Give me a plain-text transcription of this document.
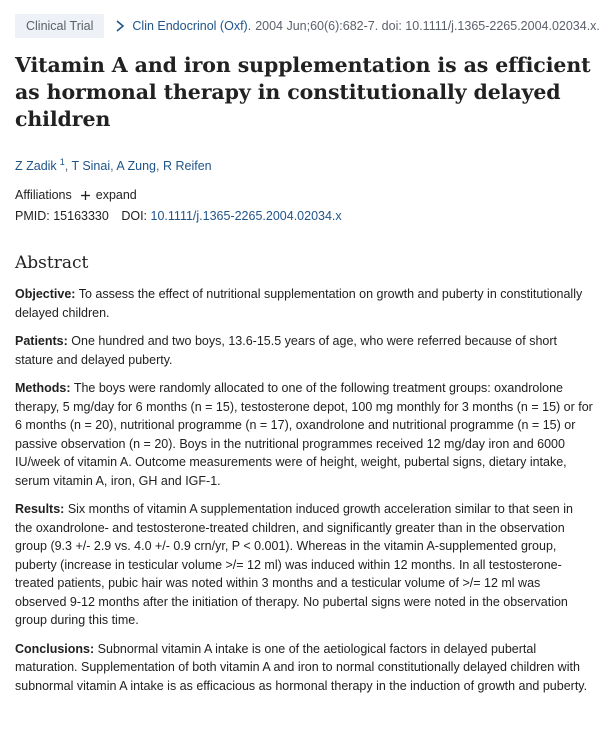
Clinical Trial	Clin Endocrinol (Oxf). 2004 Jun;60(6):682-7. doi: 10.1111/j.1365-2265.2004.02034.x.
Vitamin A and iron supplementation is as efficient as hormonal therapy in constitutionally delayed children
Z Zadik $^1$, T Sinai, A Zung, R Reifen
Affiliations expand
PMID: 15163330 DOI: 10.1111/j.1365-2265.2004.02034.x
Abstract

Objective: To assess the effect of nutritional supplementation on growth and puberty in constitutionally delayed children.

Patients: One hundred and two boys, 13.6-15.5 years of age, who were referred because of short stature and delayed puberty.

Methods: The boys were randomly allocated to one of the following treatment groups: oxandrolone therapy, 5 mg/day for 6 months (n = 15), testosterone depot, 100 mg monthly for 3 months (n = 15) or for 6 months (n = 20), nutritional programme (n = 17), oxandrolone and nutritional programme (n = 15) or passive observation (n = 20). Boys in the nutritional programmes received 12 mg/day iron and 6000 IU/week of vitamin A. Outcome measurements were of height, weight, pubertal signs, dietary intake, serum vitamin A, iron, GH and IGF-1.

Results: Six months of vitamin A supplementation induced growth acceleration similar to that seen in the oxandrolone- and testosterone-treated children, and significantly greater than in the observation group (9.3 +/- 2.9 vs. 4.0 +/- 0.9 crn/yr, P < 0.001). Whereas in the vitamin A-supplemented group, puberty (increase in testicular volume >/= 12 ml) was induced within 12 months. In all testosterone-treated patients, pubic hair was noted within 3 months and a testicular volume of >/= 12 ml was observed 9-12 months after the initiation of therapy. No pubertal signs were noted in the observation group during this time.

Conclusions: Subnormal vitamin A intake is one of the aetiological factors in delayed pubertal maturation. Supplementation of both vitamin A and iron to normal constitutionally delayed children with subnormal vitamin A intake is as efficacious as hormonal therapy in the induction of growth and puberty.
